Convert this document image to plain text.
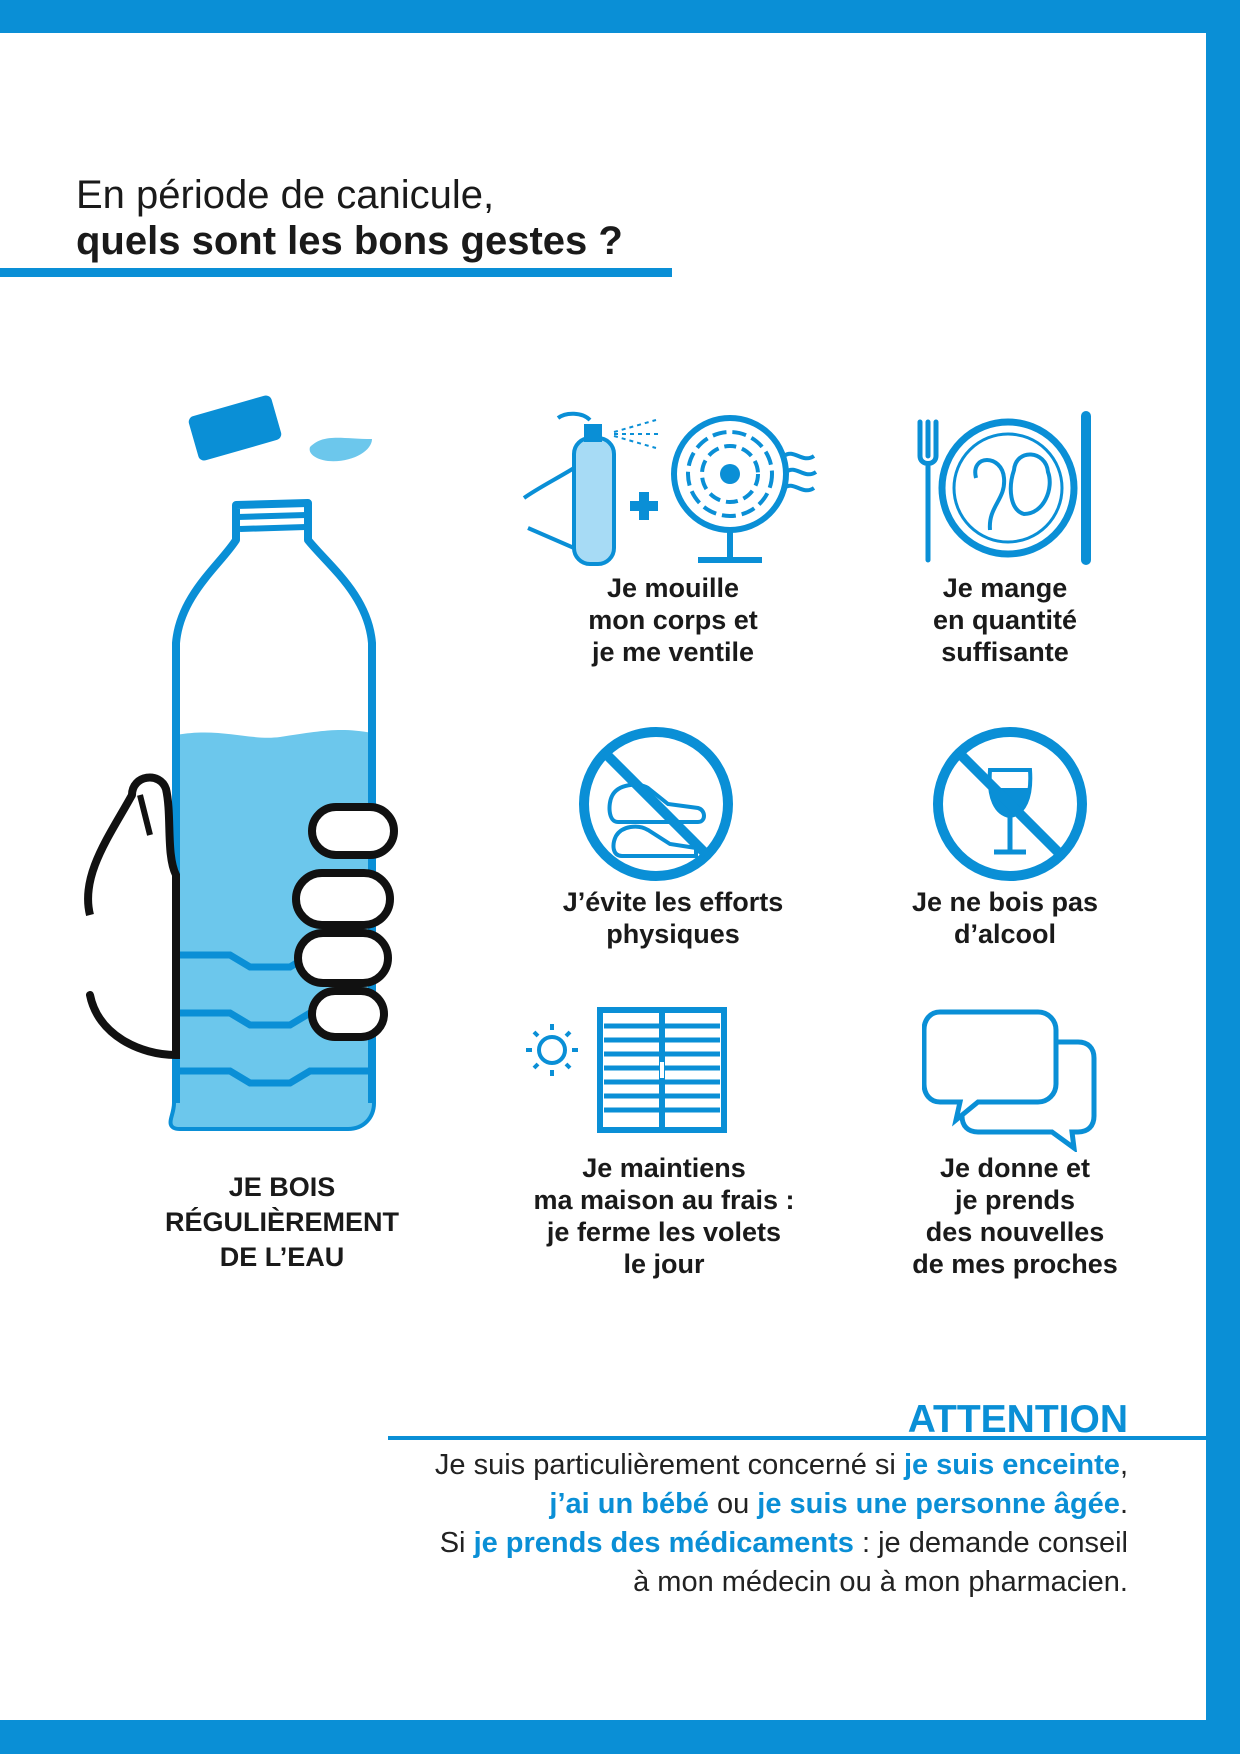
En période de canicule,

quels sont les bons gestes ?

JE BOIS
RÉGULIÈREMENT
DE L’EAU
Je mouille
mon corps et
je me ventile
Je mange
en quantité
suffisante
J’évite les efforts
physiques
Je ne bois pas
d’alcool
Je maintiens
ma maison au frais :
je ferme les volets
le jour
Je donne et
je prends
des nouvelles
de mes proches
ATTENTION
Je suis particulièrement concerné si je suis enceinte,
j’ai un bébé ou je suis une personne âgée.
Si je prends des médicaments : je demande conseil
à mon médecin ou à mon pharmacien.
